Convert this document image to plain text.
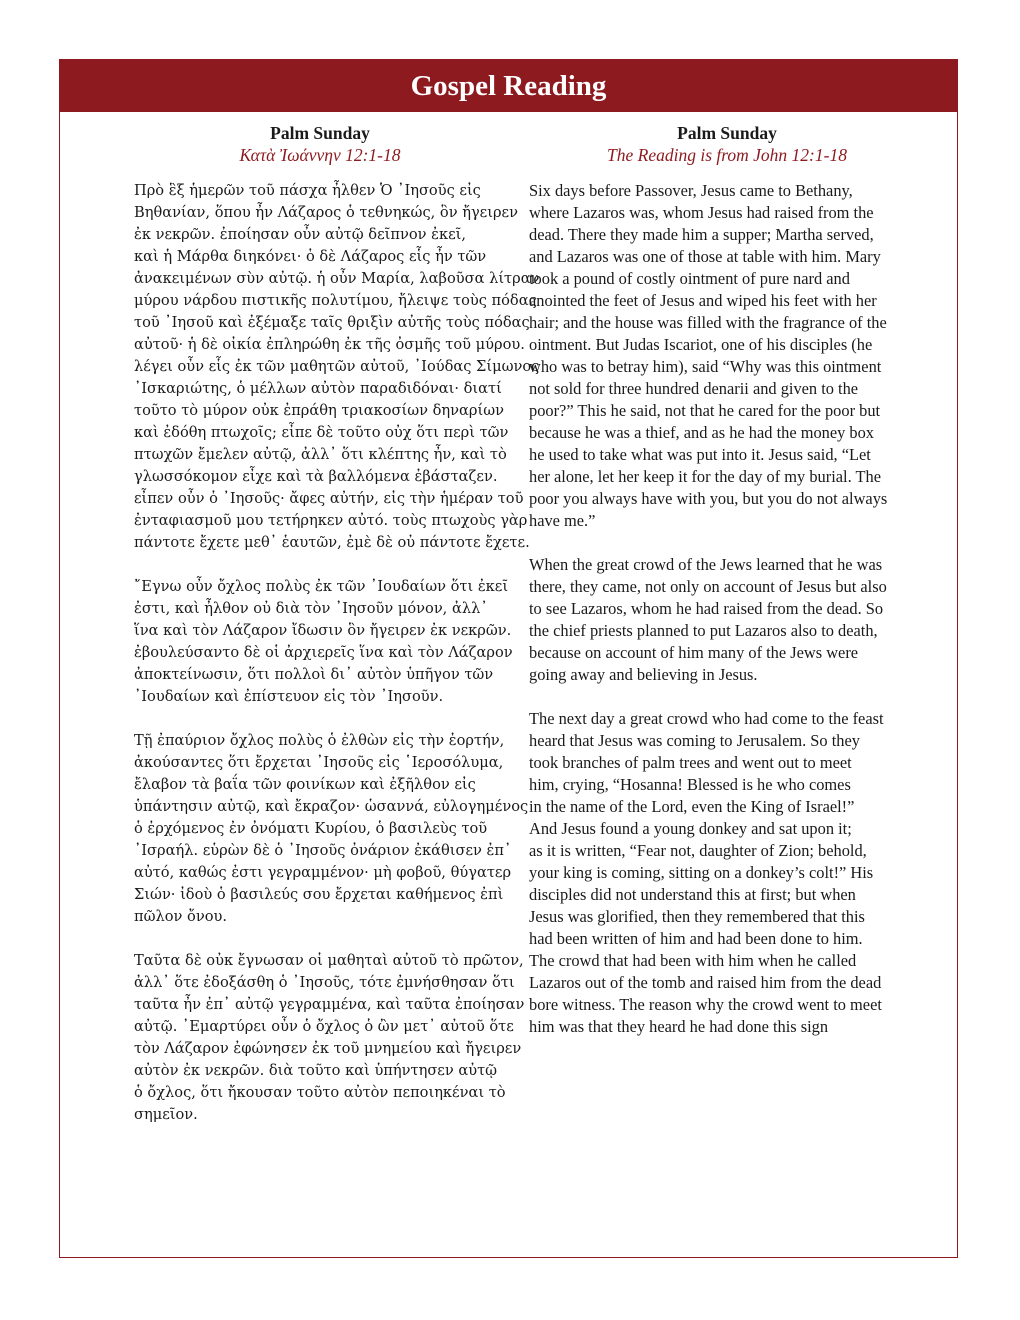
Gospel Reading
Palm Sunday
Κατὰ Ἰωάννην 12:1-18
Πρὸ ἓξ ἡμερῶν τοῦ πάσχα ἦλθεν Ὁ ᾿Ιησοῦς εἰς
Βηθανίαν, ὅπου ἦν Λάζαρος ὁ τεθνηκώς, ὃν ἤγειρεν
ἐκ νεκρῶν. ἐποίησαν οὖν αὐτῷ δεῖπνον ἐκεῖ,
καὶ ἡ Μάρθα διηκόνει· ὁ δὲ Λάζαρος εἷς ἦν τῶν
ἀνακειμένων σὺν αὐτῷ. ἡ οὖν Μαρία, λαβοῦσα λίτραν
μύρου νάρδου πιστικῆς πολυτίμου, ἤλειψε τοὺς πόδας
τοῦ ᾿Ιησοῦ καὶ ἐξέμαξε ταῖς θριξὶν αὐτῆς τοὺς πόδας
αὐτοῦ· ἡ δὲ οἰκία ἐπληρώθη ἐκ τῆς ὀσμῆς τοῦ μύρου.
λέγει οὖν εἷς ἐκ τῶν μαθητῶν αὐτοῦ, ᾿Ιούδας Σίμωνος
᾿Ισκαριώτης, ὁ μέλλων αὐτὸν παραδιδόναι· διατί
τοῦτο τὸ μύρον οὐκ ἐπράθη τριακοσίων δηναρίων
καὶ ἐδόθη πτωχοῖς; εἶπε δὲ τοῦτο οὐχ ὅτι περὶ τῶν
πτωχῶν ἔμελεν αὐτῷ, ἀλλ᾿ ὅτι κλέπτης ἦν, καὶ τὸ
γλωσσόκομον εἶχε καὶ τὰ βαλλόμενα ἐβάσταζεν.
εἶπεν οὖν ὁ ᾿Ιησοῦς· ἄφες αὐτήν, εἰς τὴν ἡμέραν τοῦ
ἐνταφιασμοῦ μου τετήρηκεν αὐτό. τοὺς πτωχοὺς γὰρ
πάντοτε ἔχετε μεθ᾿ ἑαυτῶν, ἐμὲ δὲ οὐ πάντοτε ἔχετε.
῎Εγνω οὖν ὄχλος πολὺς ἐκ τῶν ᾿Ιουδαίων ὅτι ἐκεῖ
ἐστι, καὶ ἦλθον οὐ διὰ τὸν ᾿Ιησοῦν μόνον, ἀλλ᾿
ἵνα καὶ τὸν Λάζαρον ἴδωσιν ὃν ἤγειρεν ἐκ νεκρῶν.
ἐβουλεύσαντο δὲ οἱ ἀρχιερεῖς ἵνα καὶ τὸν Λάζαρον
ἀποκτείνωσιν, ὅτι πολλοὶ δι᾿ αὐτὸν ὑπῆγον τῶν
᾿Ιουδαίων καὶ ἐπίστευον εἰς τὸν ᾿Ιησοῦν.
Τῇ ἐπαύριον ὄχλος πολὺς ὁ ἐλθὼν εἰς τὴν ἑορτήν,
ἀκούσαντες ὅτι ἔρχεται ᾿Ιησοῦς εἰς ῾Ιεροσόλυμα,
ἔλαβον τὰ βαΐα τῶν φοινίκων καὶ ἐξῆλθον εἰς
ὑπάντησιν αὐτῷ, καὶ ἔκραζον· ὡσαννά, εὐλογημένος
ὁ ἐρχόμενος ἐν ὀνόματι Κυρίου, ὁ βασιλεὺς τοῦ
᾿Ισραήλ. εὑρὼν δὲ ὁ ᾿Ιησοῦς ὀνάριον ἐκάθισεν ἐπ᾿
αὐτό, καθώς ἐστι γεγραμμένον· μὴ φοβοῦ, θύγατερ
Σιών· ἰδοὺ ὁ βασιλεύς σου ἔρχεται καθήμενος ἐπὶ
πῶλον ὄνου.
Ταῦτα δὲ οὐκ ἔγνωσαν οἱ μαθηταὶ αὐτοῦ τὸ πρῶτον,
ἀλλ᾿ ὅτε ἐδοξάσθη ὁ ᾿Ιησοῦς, τότε ἐμνήσθησαν ὅτι
ταῦτα ἦν ἐπ᾿ αὐτῷ γεγραμμένα, καὶ ταῦτα ἐποίησαν
αὐτῷ. ᾿Εμαρτύρει οὖν ὁ ὄχλος ὁ ὢν μετ᾿ αὐτοῦ ὅτε
τὸν Λάζαρον ἐφώνησεν ἐκ τοῦ μνημείου καὶ ἤγειρεν
αὐτὸν ἐκ νεκρῶν. διὰ τοῦτο καὶ ὑπήντησεν αὐτῷ
ὁ ὄχλος, ὅτι ἤκουσαν τοῦτο αὐτὸν πεποιηκέναι τὸ
σημεῖον.
Palm Sunday
The Reading is from John 12:1-18
Six days before Passover, Jesus came to Bethany,
where Lazaros was, whom Jesus had raised from the
dead. There they made him a supper; Martha served,
and Lazaros was one of those at table with him. Mary
took a pound of costly ointment of pure nard and
anointed the feet of Jesus and wiped his feet with her
hair; and the house was filled with the fragrance of the
ointment. But Judas Iscariot, one of his disciples (he
who was to betray him), said “Why was this ointment
not sold for three hundred denarii and given to the
poor?” This he said, not that he cared for the poor but
because he was a thief, and as he had the money box
he used to take what was put into it. Jesus said, “Let
her alone, let her keep it for the day of my burial. The
poor you always have with you, but you do not always
have me.”
When the great crowd of the Jews learned that he was
there, they came, not only on account of Jesus but also
to see Lazaros, whom he had raised from the dead. So
the chief priests planned to put Lazaros also to death,
because on account of him many of the Jews were
going away and believing in Jesus.
The next day a great crowd who had come to the feast
heard that Jesus was coming to Jerusalem. So they
took branches of palm trees and went out to meet
him, crying, “Hosanna! Blessed is he who comes
in the name of the Lord, even the King of Israel!”
And Jesus found a young donkey and sat upon it;
as it is written, “Fear not, daughter of Zion; behold,
your king is coming, sitting on a donkey’s colt!” His
disciples did not understand this at first; but when
Jesus was glorified, then they remembered that this
had been written of him and had been done to him.
The crowd that had been with him when he called
Lazaros out of the tomb and raised him from the dead
bore witness. The reason why the crowd went to meet
him was that they heard he had done this sign
